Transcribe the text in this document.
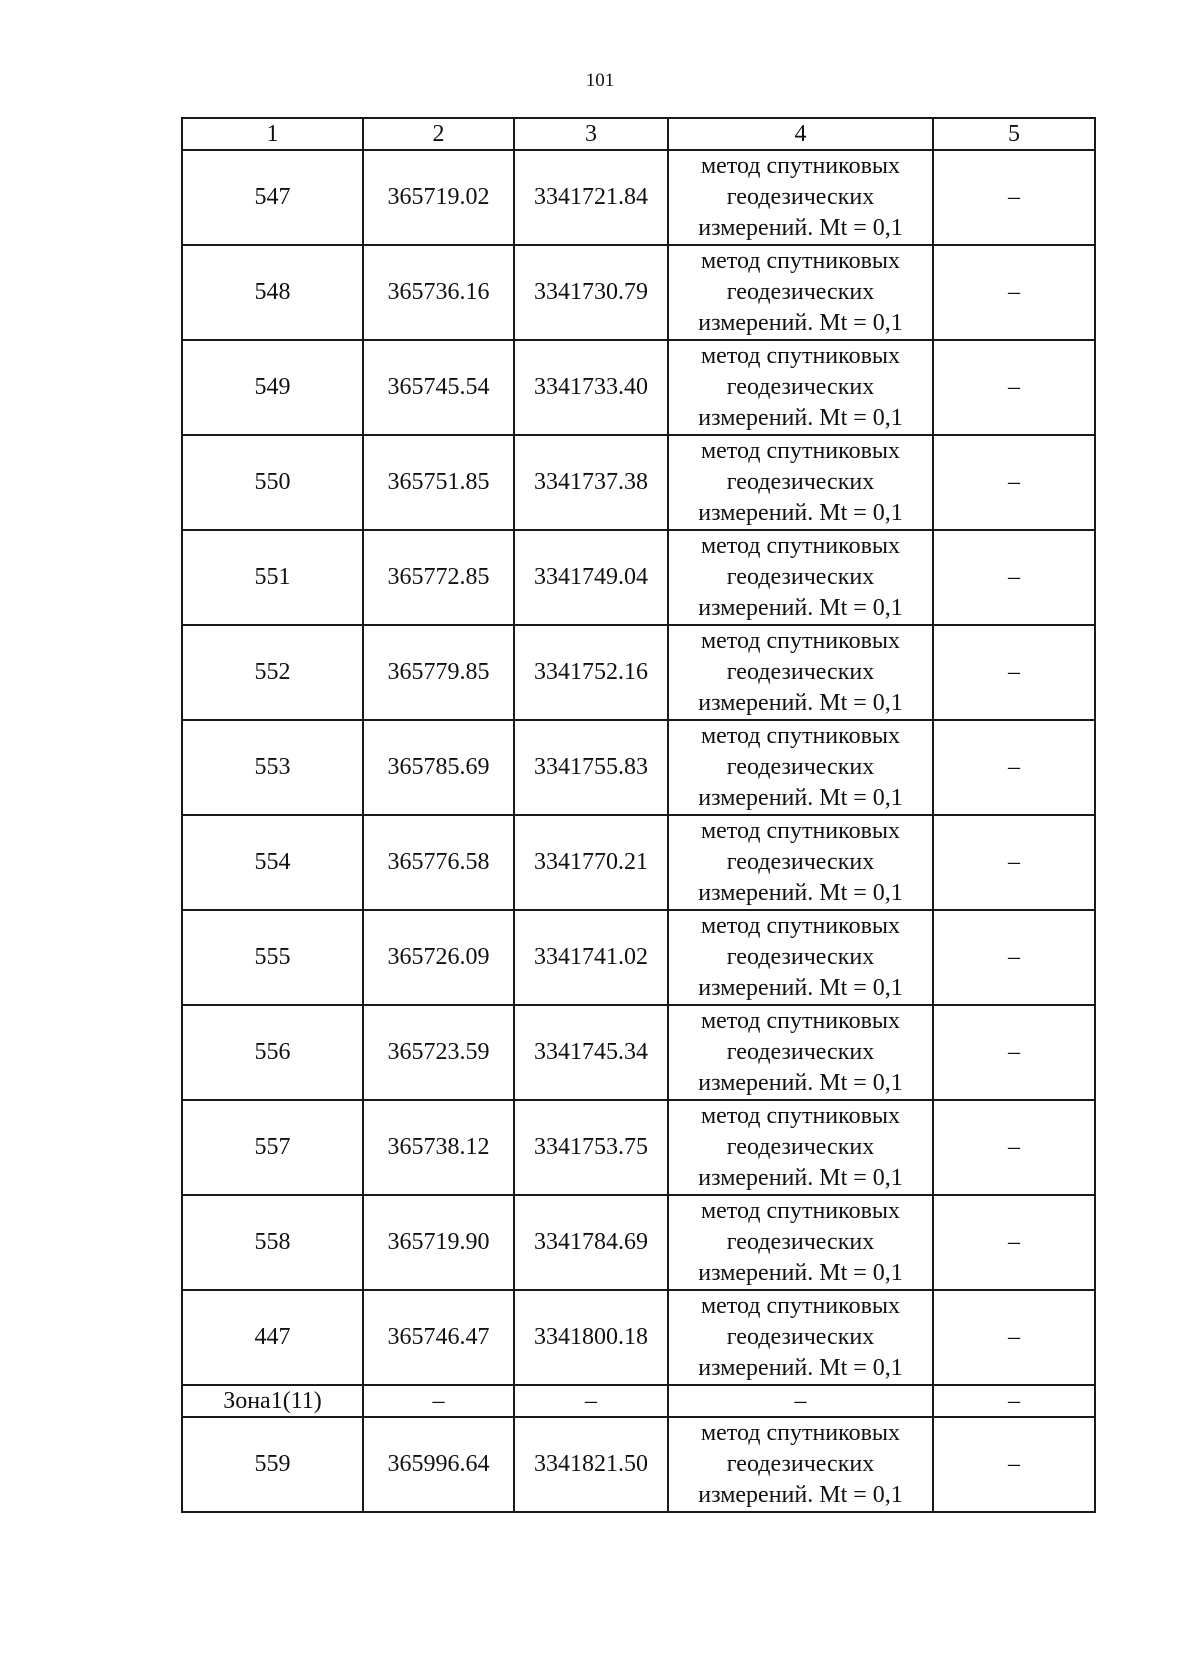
101
1	2	3	4	5
547	365719.02	3341721.84	метод спутниковых
геодезических
измерений. Mt = 0,1	–
548	365736.16	3341730.79	метод спутниковых
геодезических
измерений. Mt = 0,1	–
549	365745.54	3341733.40	метод спутниковых
геодезических
измерений. Mt = 0,1	–
550	365751.85	3341737.38	метод спутниковых
геодезических
измерений. Mt = 0,1	–
551	365772.85	3341749.04	метод спутниковых
геодезических
измерений. Mt = 0,1	–
552	365779.85	3341752.16	метод спутниковых
геодезических
измерений. Mt = 0,1	–
553	365785.69	3341755.83	метод спутниковых
геодезических
измерений. Mt = 0,1	–
554	365776.58	3341770.21	метод спутниковых
геодезических
измерений. Mt = 0,1	–
555	365726.09	3341741.02	метод спутниковых
геодезических
измерений. Mt = 0,1	–
556	365723.59	3341745.34	метод спутниковых
геодезических
измерений. Mt = 0,1	–
557	365738.12	3341753.75	метод спутниковых
геодезических
измерений. Mt = 0,1	–
558	365719.90	3341784.69	метод спутниковых
геодезических
измерений. Mt = 0,1	–
447	365746.47	3341800.18	метод спутниковых
геодезических
измерений. Mt = 0,1	–
Зона1(11)	–	–	–	–
559	365996.64	3341821.50	метод спутниковых
геодезических
измерений. Mt = 0,1	–
